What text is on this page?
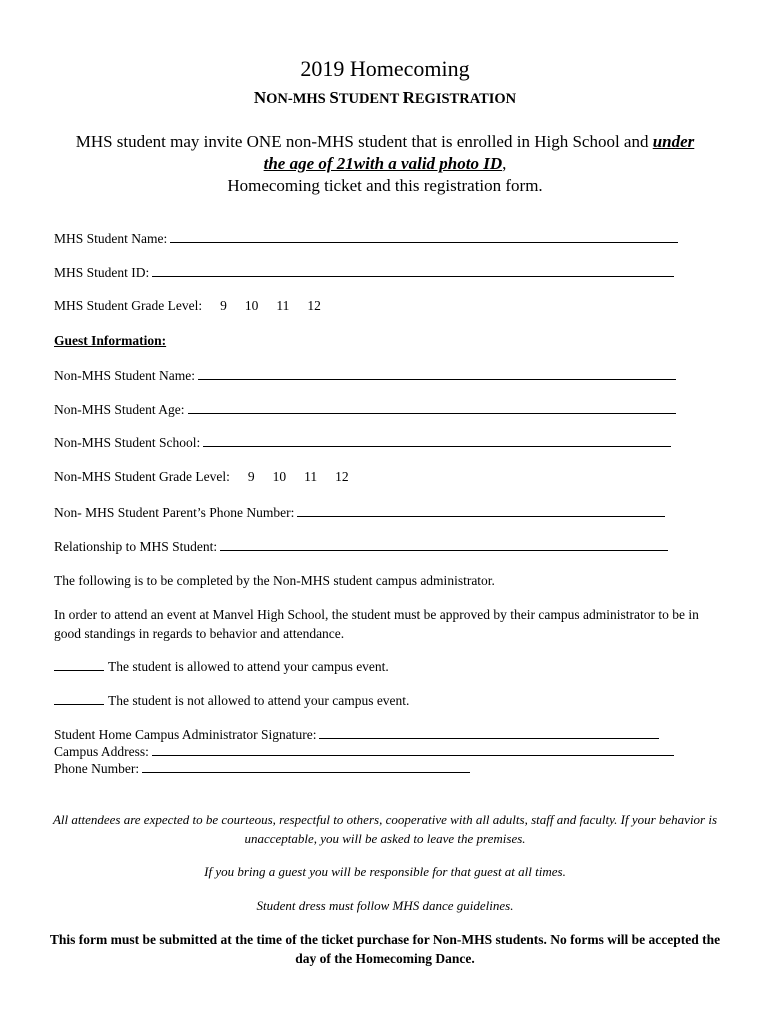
2019 Homecoming
NON-MHS STUDENT REGISTRATION
MHS student may invite ONE non-MHS student that is enrolled in High School and under
the age of 21with a valid photo ID,
Homecoming ticket and this registration form.
MHS Student Name:
MHS Student ID:
MHS Student Grade Level: 9 10 11 12
Guest Information:
Non-MHS Student Name:
Non-MHS Student Age:
Non-MHS Student School:
Non-MHS Student Grade Level: 9 10 11 12
Non- MHS Student Parent’s Phone Number:
Relationship to MHS Student:
The following is to be completed by the Non-MHS student campus administrator.
In order to attend an event at Manvel High School, the student must be approved by their campus administrator to be in good standings in regards to behavior and attendance.
The student is allowed to attend your campus event.
The student is not allowed to attend your campus event.
Student Home Campus Administrator Signature:
Campus Address:
Phone Number:
All attendees are expected to be courteous, respectful to others, cooperative with all adults, staff and faculty. If your behavior is unacceptable, you will be asked to leave the premises.
If you bring a guest you will be responsible for that guest at all times.
Student dress must follow MHS dance guidelines.
This form must be submitted at the time of the ticket purchase for Non-MHS students. No forms will be accepted the day of the Homecoming Dance.
